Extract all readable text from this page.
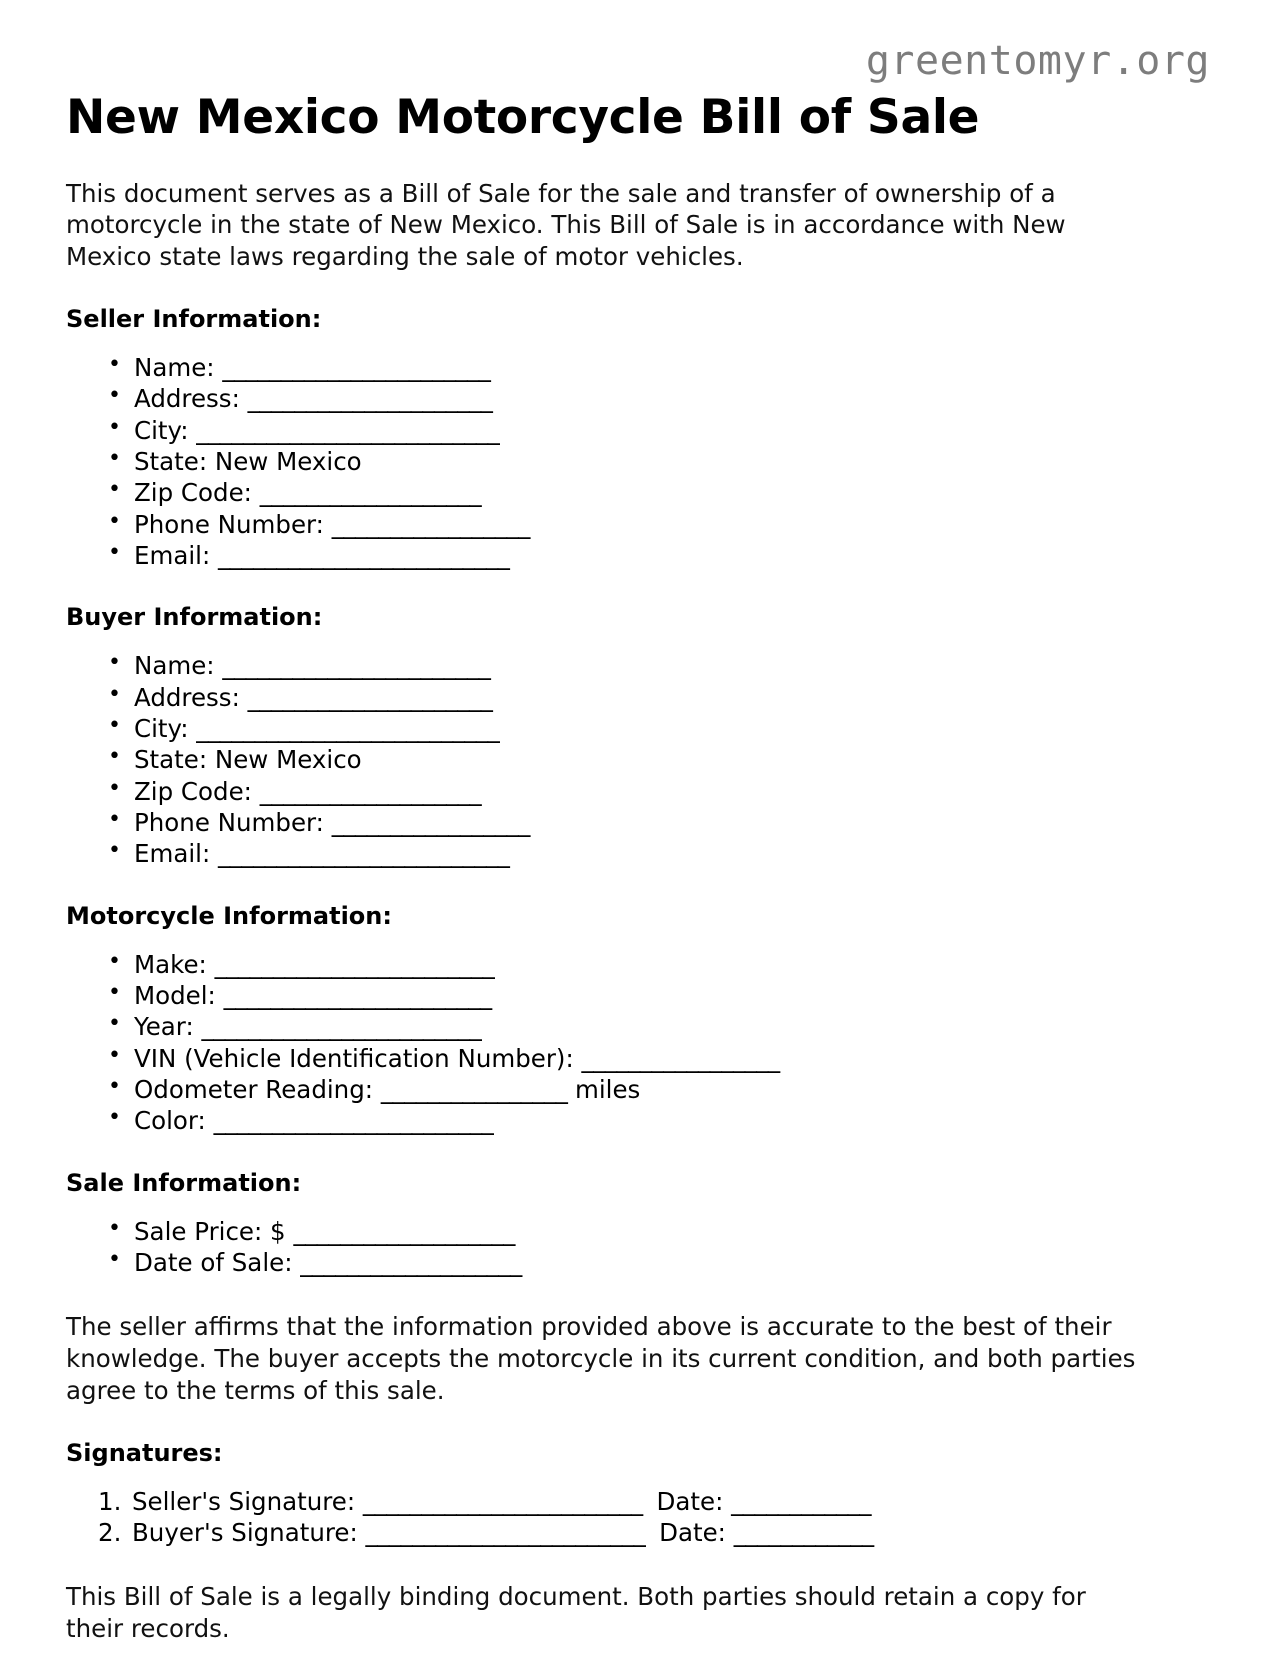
greentomyr.org
New Mexico Motorcycle Bill of Sale

This document serves as a Bill of Sale for the sale and transfer of ownership of a motorcycle in the state of New Mexico. This Bill of Sale is in accordance with New Mexico state laws regarding the sale of motor vehicles.

Seller Information:
• Name: _______________________
• Address: _____________________
• City: __________________________
• State: New Mexico
• Zip Code: ___________________
• Phone Number: _________________
• Email: _________________________
Buyer Information:
• Name: _______________________
• Address: _____________________
• City: __________________________
• State: New Mexico
• Zip Code: ___________________
• Phone Number: _________________
• Email: _________________________
Motorcycle Information:
• Make: ________________________
• Model: _______________________
• Year: ________________________
• VIN (Vehicle Identification Number): _________________
• Odometer Reading: ________________ miles
• Color: ________________________
Sale Information:
• Sale Price: $ ___________________
• Date of Sale: ___________________

The seller affirms that the information provided above is accurate to the best of their knowledge. The buyer accepts the motorcycle in its current condition, and both parties agree to the terms of this sale.

Signatures:
Seller's Signature: ________________________ Date: ____________
Buyer's Signature: ________________________ Date: ____________

This Bill of Sale is a legally binding document. Both parties should retain a copy for their records.
